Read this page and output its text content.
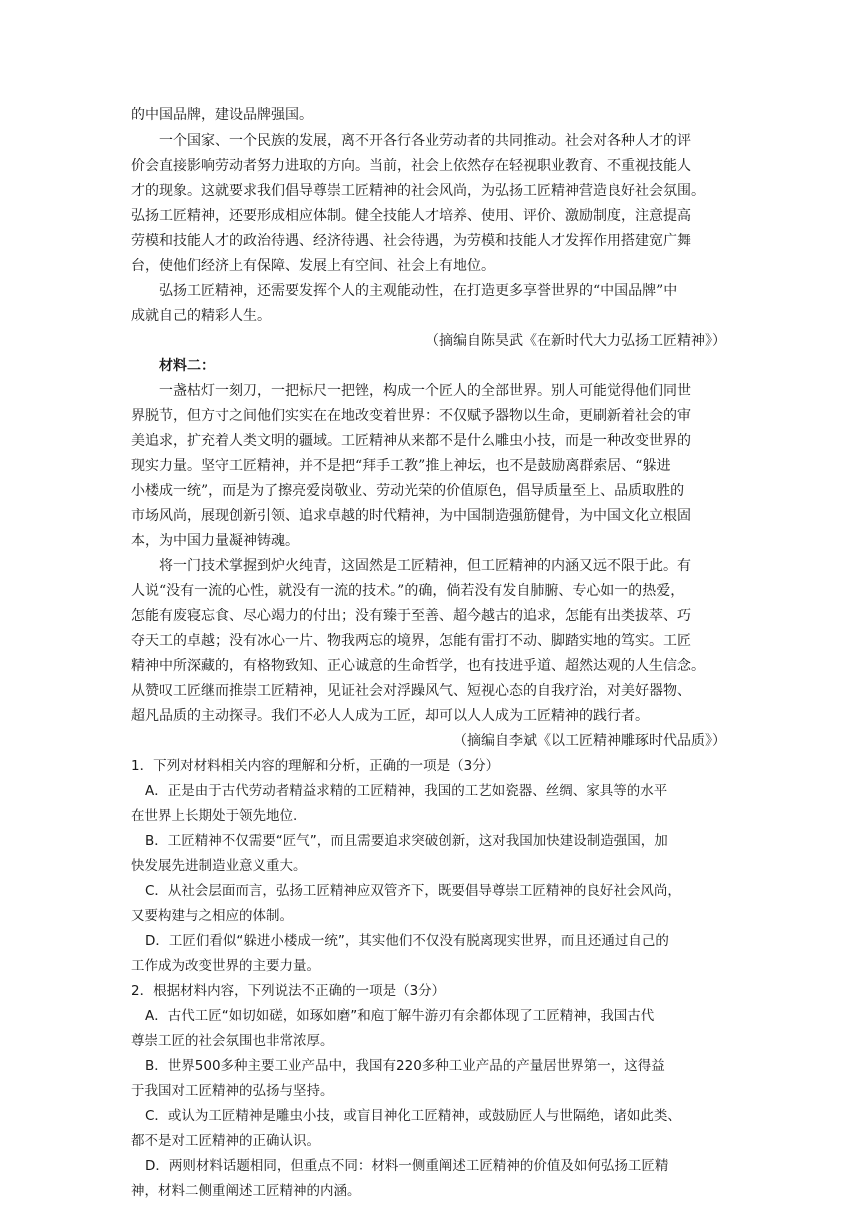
的中国品牌，建设品牌强国。
一个国家、一个民族的发展，离不开各行各业劳动者的共同推动。社会对各种人才的评
价会直接影响劳动者努力进取的方向。当前，社会上依然存在轻视职业教育、不重视技能人
才的现象。这就要求我们倡导尊崇工匠精神的社会风尚，为弘扬工匠精神营造良好社会氛围。
弘扬工匠精神，还要形成相应体制。健全技能人才培养、使用、评价、激励制度，注意提高
劳模和技能人才的政治待遇、经济待遇、社会待遇，为劳模和技能人才发挥作用搭建宽广舞
台，使他们经济上有保障、发展上有空间、社会上有地位。
弘扬工匠精神，还需要发挥个人的主观能动性，在打造更多享誉世界的“中国品牌”中
成就自己的精彩人生。
（摘编自陈昊武《在新时代大力弘扬工匠精神》）
材料二：
一盏枯灯一刻刀，一把标尺一把锉，构成一个匠人的全部世界。别人可能觉得他们同世
界脱节，但方寸之间他们实实在在地改变着世界：不仅赋予器物以生命，更刷新着社会的审
美追求，扩充着人类文明的疆域。工匠精神从来都不是什么雕虫小技，而是一种改变世界的
现实力量。坚守工匠精神，并不是把“拜手工教”推上神坛，也不是鼓励离群索居、“躲进
小楼成一统”，而是为了擦亮爱岗敬业、劳动光荣的价值原色，倡导质量至上、品质取胜的
市场风尚，展现创新引领、追求卓越的时代精神，为中国制造强筋健骨，为中国文化立根固
本，为中国力量凝神铸魂。
将一门技术掌握到炉火纯青，这固然是工匠精神，但工匠精神的内涵又远不限于此。有
人说“没有一流的心性，就没有一流的技术。”的确，倘若没有发自肺腑、专心如一的热爱，
怎能有废寝忘食、尽心竭力的付出；没有臻于至善、超今越古的追求，怎能有出类拔萃、巧
夺天工的卓越；没有冰心一片、物我两忘的境界，怎能有雷打不动、脚踏实地的笃实。工匠
精神中所深藏的，有格物致知、正心诚意的生命哲学，也有技进乎道、超然达观的人生信念。
从赞叹工匠继而推崇工匠精神，见证社会对浮躁风气、短视心态的自我疗治，对美好器物、
超凡品质的主动探寻。我们不必人人成为工匠，却可以人人成为工匠精神的践行者。
（摘编自李斌《以工匠精神雕琢时代品质》）
1．下列对材料相关内容的理解和分析，正确的一项是（3分）
A．正是由于古代劳动者精益求精的工匠精神，我国的工艺如瓷器、丝绸、家具等的水平
在世界上长期处于领先地位.
B．工匠精神不仅需要“匠气”，而且需要追求突破创新，这对我国加快建设制造强国，加
快发展先进制造业意义重大。
C．从社会层面而言，弘扬工匠精神应双管齐下，既要倡导尊崇工匠精神的良好社会风尚，
又要构建与之相应的体制。
D．工匠们看似“躲进小楼成一统”，其实他们不仅没有脱离现实世界，而且还通过自己的
工作成为改变世界的主要力量。
2．根据材料内容，下列说法不正确的一项是（3分）
A．古代工匠“如切如磋，如琢如磨”和庖丁解牛游刃有余都体现了工匠精神，我国古代
尊崇工匠的社会氛围也非常浓厚。
B．世界500多种主要工业产品中，我国有220多种工业产品的产量居世界第一，这得益
于我国对工匠精神的弘扬与坚持。
C．或认为工匠精神是雕虫小技，或盲目神化工匠精神，或鼓励匠人与世隔绝，诸如此类、
都不是对工匠精神的正确认识。
D．两则材料话题相同，但重点不同：材料一侧重阐述工匠精神的价值及如何弘扬工匠精
神，材料二侧重阐述工匠精神的内涵。
